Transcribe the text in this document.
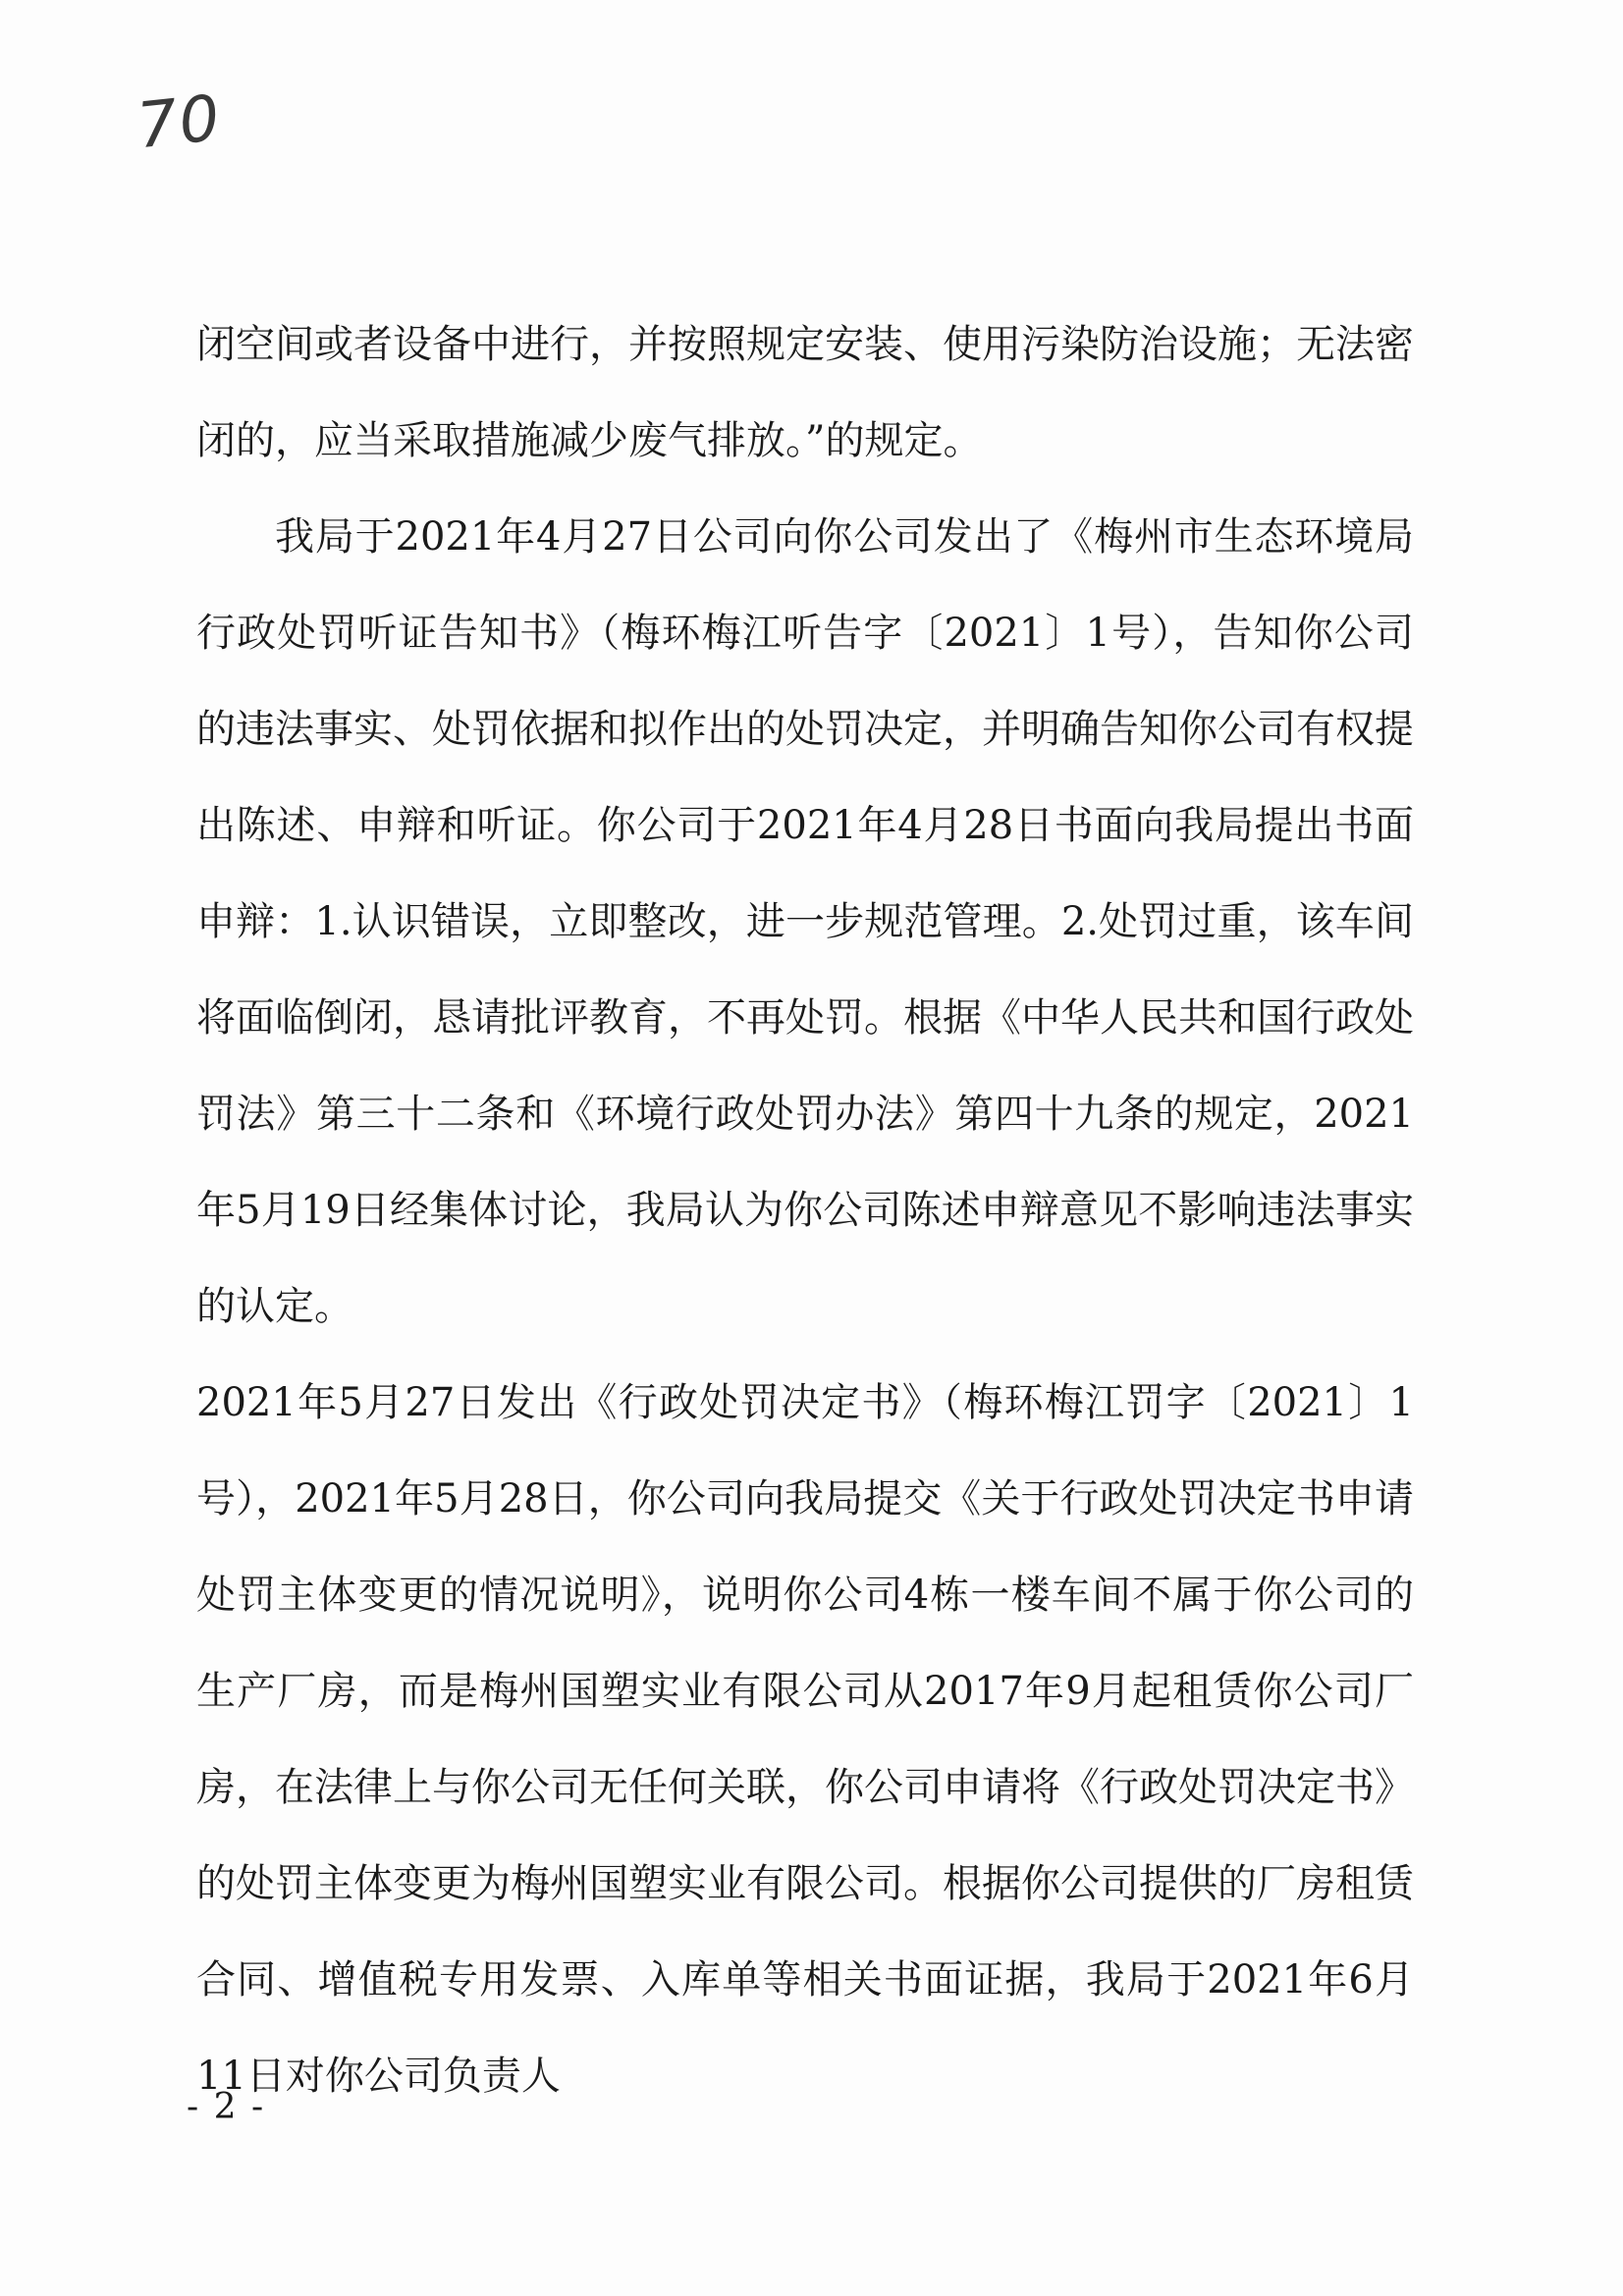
70

闭空间或者设备中进行，并按照规定安装、使用污染防治设施；无法密闭的，应当采取措施减少废气排放。”的规定。

我局于2021年4月27日公司向你公司发出了《梅州市生态环境局行政处罚听证告知书》（梅环梅江听告字〔2021〕1号），告知你公司的违法事实、处罚依据和拟作出的处罚决定，并明确告知你公司有权提出陈述、申辩和听证。你公司于2021年4月28日书面向我局提出书面申辩：1.认识错误，立即整改，进一步规范管理。2.处罚过重，该车间将面临倒闭，恳请批评教育，不再处罚。根据《中华人民共和国行政处罚法》第三十二条和《环境行政处罚办法》第四十九条的规定，2021年5月19日经集体讨论，我局认为你公司陈述申辩意见不影响违法事实的认定。

2021年5月27日发出《行政处罚决定书》（梅环梅江罚字〔2021〕1号），2021年5月28日，你公司向我局提交《关于行政处罚决定书申请处罚主体变更的情况说明》，说明你公司4栋一楼车间不属于你公司的生产厂房，而是梅州国塑实业有限公司从2017年9月起租赁你公司厂房，在法律上与你公司无任何关联，你公司申请将《行政处罚决定书》的处罚主体变更为梅州国塑实业有限公司。根据你公司提供的厂房租赁合同、增值税专用发票、入库单等相关书面证据，我局于2021年6月11日对你公司负责人

- 2 -
